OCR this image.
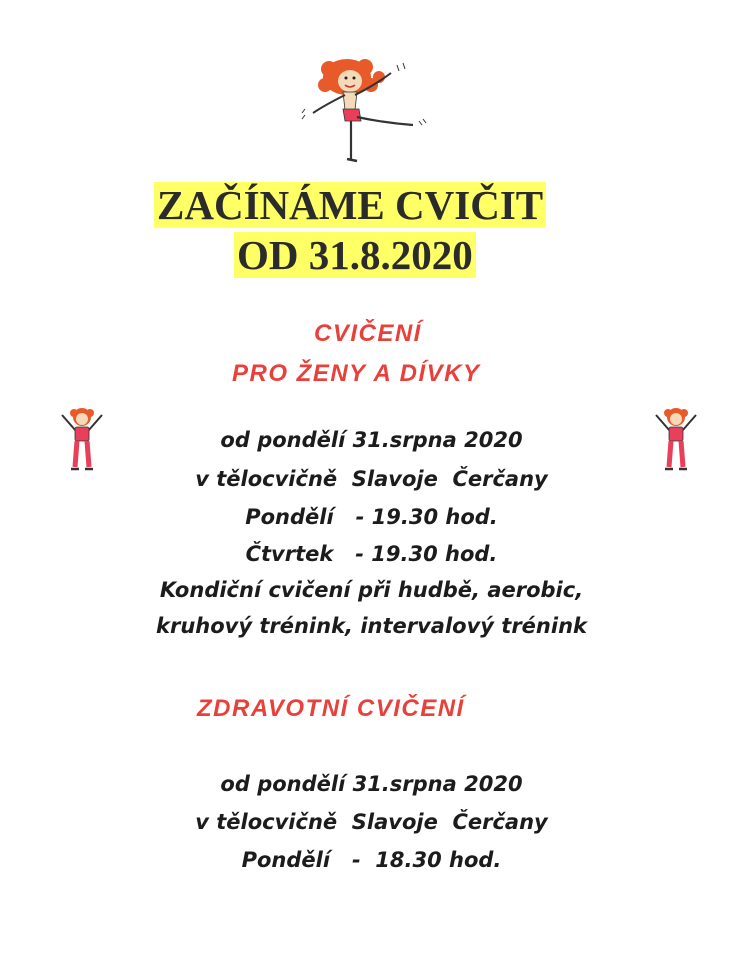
ZAČÍNÁME CVIČIT
OD 31.8.2020
CVIČENÍ
PRO ŽENY A DÍVKY
od pondělí 31.srpna 2020
v tělocvičně  Slavoje  Čerčany
Pondělí   - 19.30 hod.
Čtvrtek   - 19.30 hod.
Kondiční cvičení při hudbě, aerobic,
kruhový trénink, intervalový trénink
ZDRAVOTNÍ CVIČENÍ
od pondělí 31.srpna 2020
v tělocvičně  Slavoje  Čerčany
Pondělí   -  18.30 hod.
